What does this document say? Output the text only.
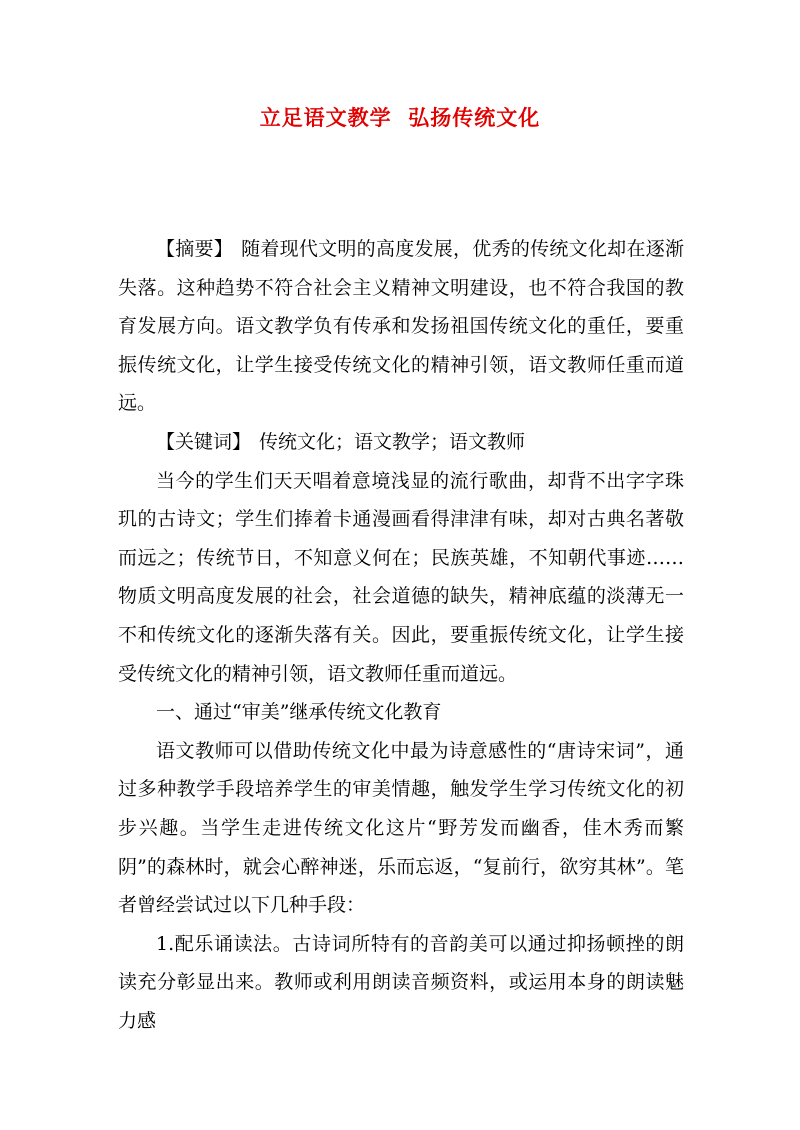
立足语文教学  弘扬传统文化

【摘要】 随着现代文明的高度发展，优秀的传统文化却在逐渐失落。这种趋势不符合社会主义精神文明建设，也不符合我国的教育发展方向。语文教学负有传承和发扬祖国传统文化的重任，要重振传统文化，让学生接受传统文化的精神引领，语文教师任重而道远。

【关键词】 传统文化；语文教学；语文教师

当今的学生们天天唱着意境浅显的流行歌曲，却背不出字字珠玑的古诗文；学生们捧着卡通漫画看得津津有味，却对古典名著敬而远之；传统节日，不知意义何在；民族英雄，不知朝代事迹……物质文明高度发展的社会，社会道德的缺失，精神底蕴的淡薄无一不和传统文化的逐渐失落有关。因此，要重振传统文化，让学生接受传统文化的精神引领，语文教师任重而道远。

一、通过“审美”继承传统文化教育

语文教师可以借助传统文化中最为诗意感性的“唐诗宋词”，通过多种教学手段培养学生的审美情趣，触发学生学习传统文化的初步兴趣。当学生走进传统文化这片“野芳发而幽香，佳木秀而繁阴”的森林时，就会心醉神迷，乐而忘返，“复前行，欲穷其林”。笔者曾经尝试过以下几种手段：

1.配乐诵读法。古诗词所特有的音韵美可以通过抑扬顿挫的朗读充分彰显出来。教师或利用朗读音频资料，或运用本身的朗读魅力感
